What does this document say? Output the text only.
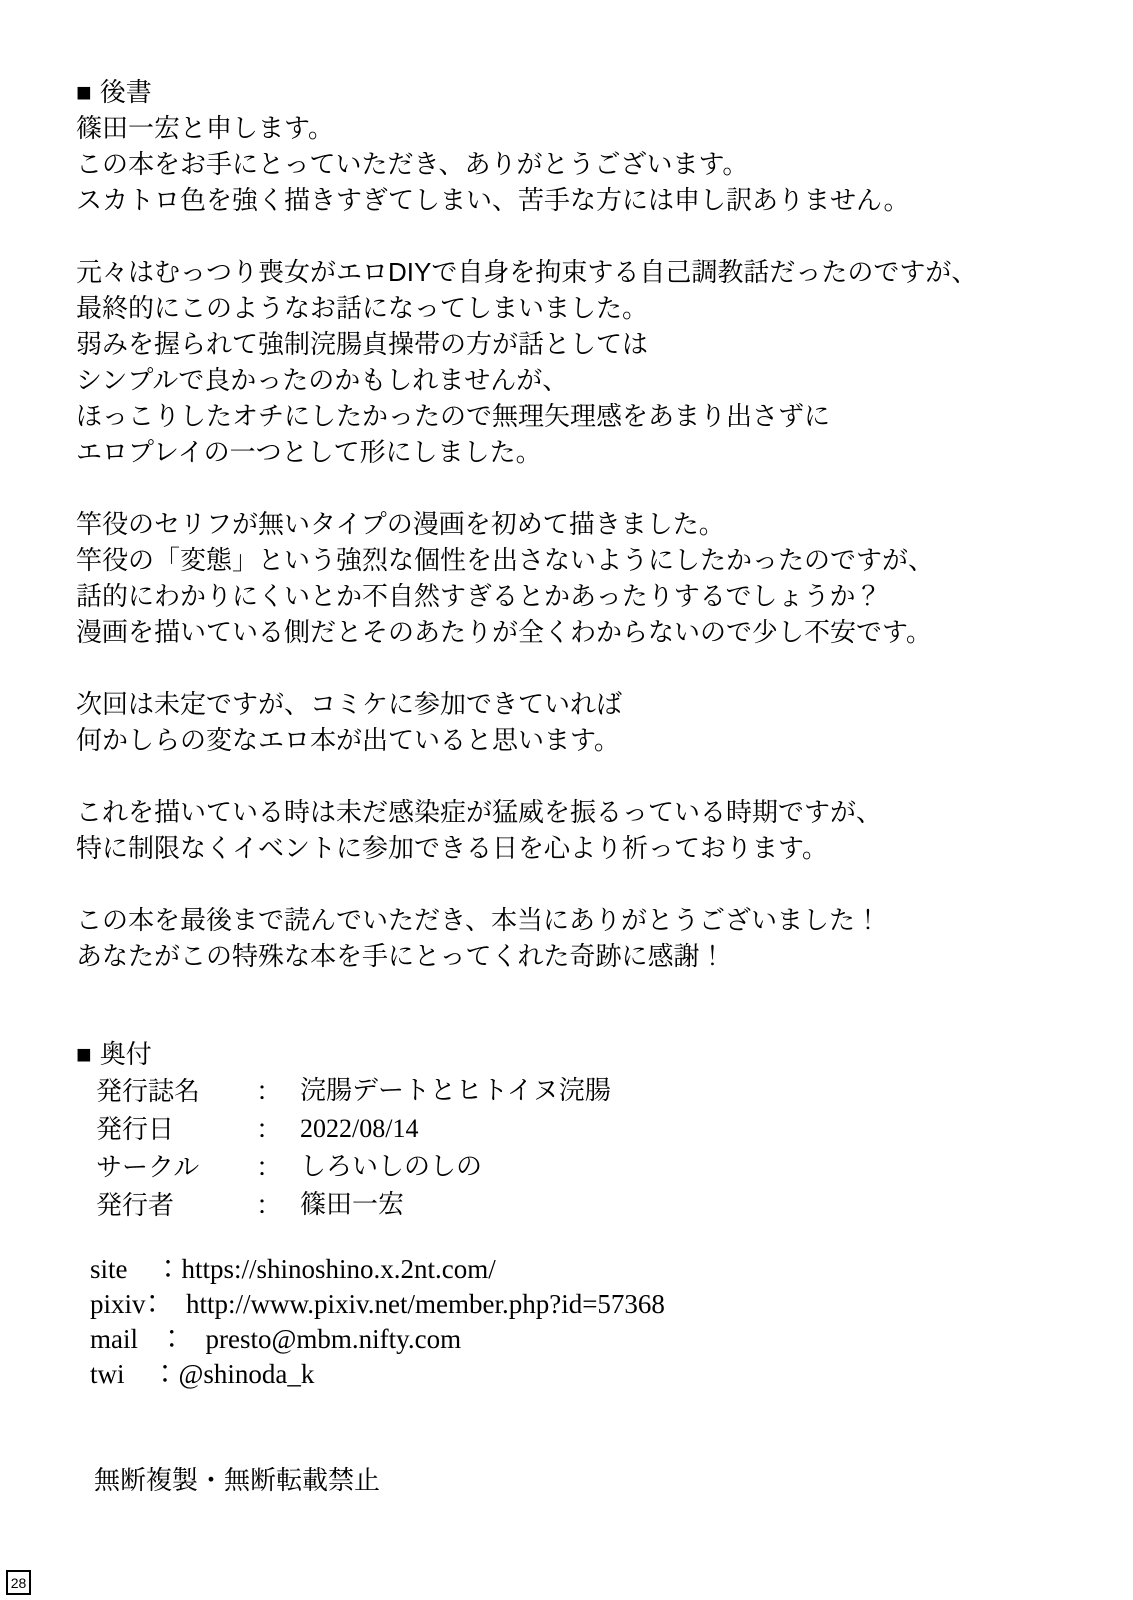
■ 後書
篠田一宏と申します。
この本をお手にとっていただき、ありがとうございます。
スカトロ色を強く描きすぎてしまい、苦手な方には申し訳ありません。
元々はむっつり喪女がエロDIYで自身を拘束する自己調教話だったのですが、
最終的にこのようなお話になってしまいました。
弱みを握られて強制浣腸貞操帯の方が話としては
シンプルで良かったのかもしれませんが、
ほっこりしたオチにしたかったので無理矢理感をあまり出さずに
エロプレイの一つとして形にしました。
竿役のセリフが無いタイプの漫画を初めて描きました。
竿役の「変態」という強烈な個性を出さないようにしたかったのですが、
話的にわかりにくいとか不自然すぎるとかあったりするでしょうか？
漫画を描いている側だとそのあたりが全くわからないので少し不安です。
次回は未定ですが、コミケに参加できていれば
何かしらの変なエロ本が出ていると思います。
これを描いている時は未だ感染症が猛威を振るっている時期ですが、
特に制限なくイベントに参加できる日を心より祈っております。
この本を最後まで読んでいただき、本当にありがとうございました！
あなたがこの特殊な本を手にとってくれた奇跡に感謝！
■ 奥付
発行誌名	： 浣腸デートとヒトイヌ浣腸
発行日	： 2022/08/14
サークル	： しろいしのしの
発行者	： 篠田一宏
site　：https://shinoshino.x.2nt.com/
pixiv：　http://www.pixiv.net/member.php?id=57368
mail　：　presto@mbm.nifty.com
twi　：@shinoda_k
無断複製・無断転載禁止
28
